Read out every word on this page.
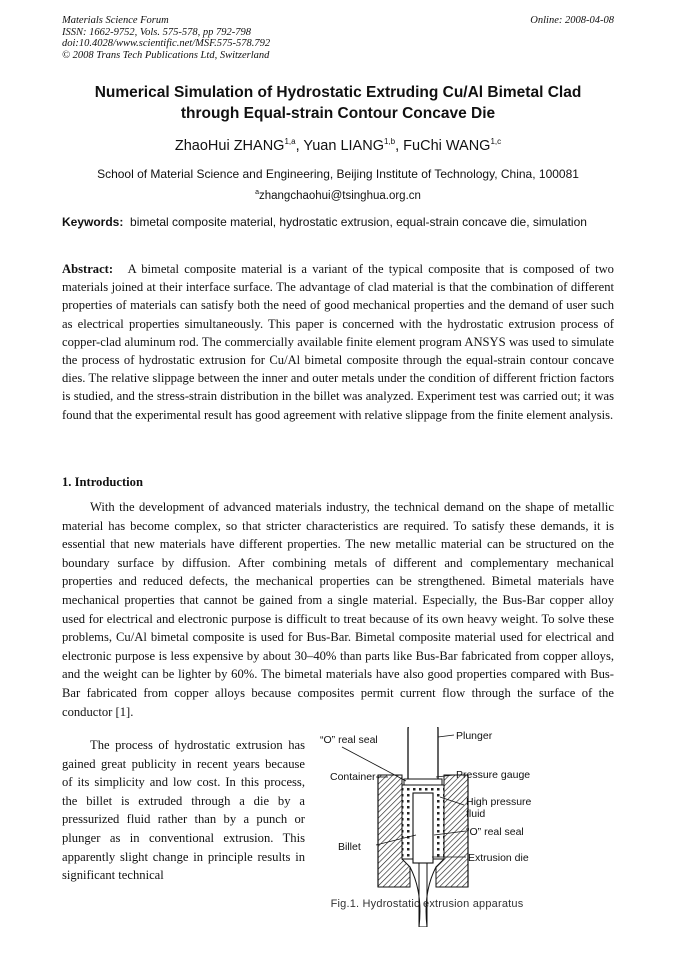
Materials Science Forum
ISSN: 1662-9752, Vols. 575-578, pp 792-798
doi:10.4028/www.scientific.net/MSF.575-578.792
© 2008 Trans Tech Publications Ltd, Switzerland
Online: 2008-04-08
Numerical Simulation of Hydrostatic Extruding Cu/Al Bimetal Clad
through Equal-strain Contour Concave Die
ZhaoHui ZHANG$^{1,a}$, Yuan LIANG$^{1,b}$, FuChi WANG$^{1,c}$
School of Material Science and Engineering, Beijing Institute of Technology, China, 100081
$^a$zhangchaohui@tsinghua.org.cn
Keywords: bimetal composite material, hydrostatic extrusion, equal-strain concave die, simulation
Abstract: A bimetal composite material is a variant of the typical composite that is composed of two materials joined at their interface surface. The advantage of clad material is that the combination of different properties of materials can satisfy both the need of good mechanical properties and the demand of user such as electrical properties simultaneously. This paper is concerned with the hydrostatic extrusion process of copper-clad aluminum rod. The commercially available finite element program ANSYS was used to simulate the process of hydrostatic extrusion for Cu/Al bimetal composite through the equal-strain contour concave dies. The relative slippage between the inner and outer metals under the condition of different friction factors is studied, and the stress-strain distribution in the billet was analyzed. Experiment test was carried out; it was found that the experimental result has good agreement with relative slippage from the finite element analysis.
1. Introduction

With the development of advanced materials industry, the technical demand on the shape of metallic material has become complex, so that stricter characteristics are required. To satisfy these demands, it is essential that new materials have different properties. The new metallic material can be structured on the boundary surface by diffusion. After combining metals of different and complementary mechanical properties and reduced defects, the mechanical properties can be strengthened. Bimetal materials have mechanical properties that cannot be gained from a single material. Especially, the Bus-Bar copper alloy used for electrical and electronic purpose is difficult to treat because of its own heavy weight. To solve these problems, Cu/Al bimetal composite is used for Bus-Bar. Bimetal composite material used for electrical and electronic purpose is less expensive by about 30–40% than parts like Bus-Bar fabricated from copper alloys, and the weight can be lighter by 60%. The bimetal materials have also good properties compared with Bus-Bar fabricated from copper alloys because composites permit current flow through the surface of the conductor [1].

The process of hydrostatic extrusion has gained great publicity in recent years because of its simplicity and low cost. In this process, the billet is extruded through a die by a pressurized fluid rather than by a punch or plunger as in conventional extrusion. This apparently slight change in principle results in significant technical

“O” real seal	Plunger
Container	Pressure gauge
High pressure
fluid
“O” real seal
Billet
Extrusion die
Fig.1. Hydrostatic extrusion apparatus
